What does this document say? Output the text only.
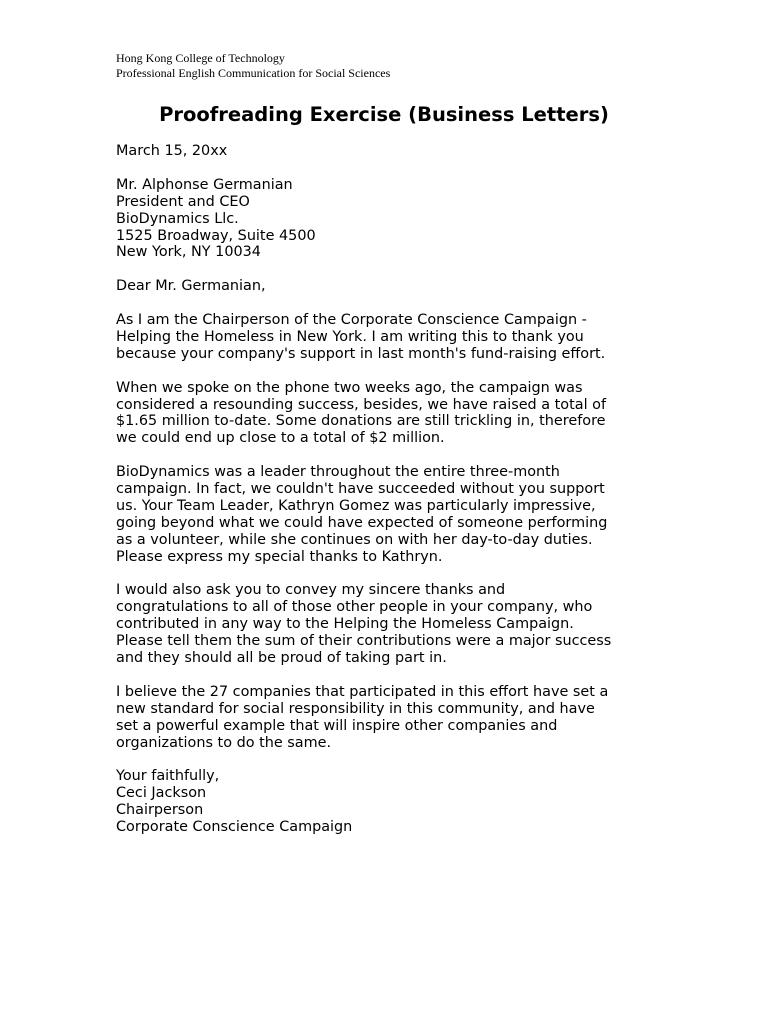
Hong Kong College of Technology
Professional English Communication for Social Sciences
Proofreading Exercise (Business Letters)
March 15, 20xx
Mr. Alphonse Germanian
President and CEO
BioDynamics Llc.
1525 Broadway, Suite 4500
New York, NY 10034
Dear Mr. Germanian,
As I am the Chairperson of the Corporate Conscience Campaign -
Helping the Homeless in New York. I am writing this to thank you
because your company's support in last month's fund-raising effort.
When we spoke on the phone two weeks ago, the campaign was
considered a resounding success, besides, we have raised a total of
$1.65 million to-date. Some donations are still trickling in, therefore
we could end up close to a total of $2 million.
BioDynamics was a leader throughout the entire three-month
campaign. In fact, we couldn't have succeeded without you support
us. Your Team Leader, Kathryn Gomez was particularly impressive,
going beyond what we could have expected of someone performing
as a volunteer, while she continues on with her day-to-day duties.
Please express my special thanks to Kathryn.
I would also ask you to convey my sincere thanks and
congratulations to all of those other people in your company, who
contributed in any way to the Helping the Homeless Campaign.
Please tell them the sum of their contributions were a major success
and they should all be proud of taking part in.
I believe the 27 companies that participated in this effort have set a
new standard for social responsibility in this community, and have
set a powerful example that will inspire other companies and
organizations to do the same.
Your faithfully,
Ceci Jackson
Chairperson
Corporate Conscience Campaign
